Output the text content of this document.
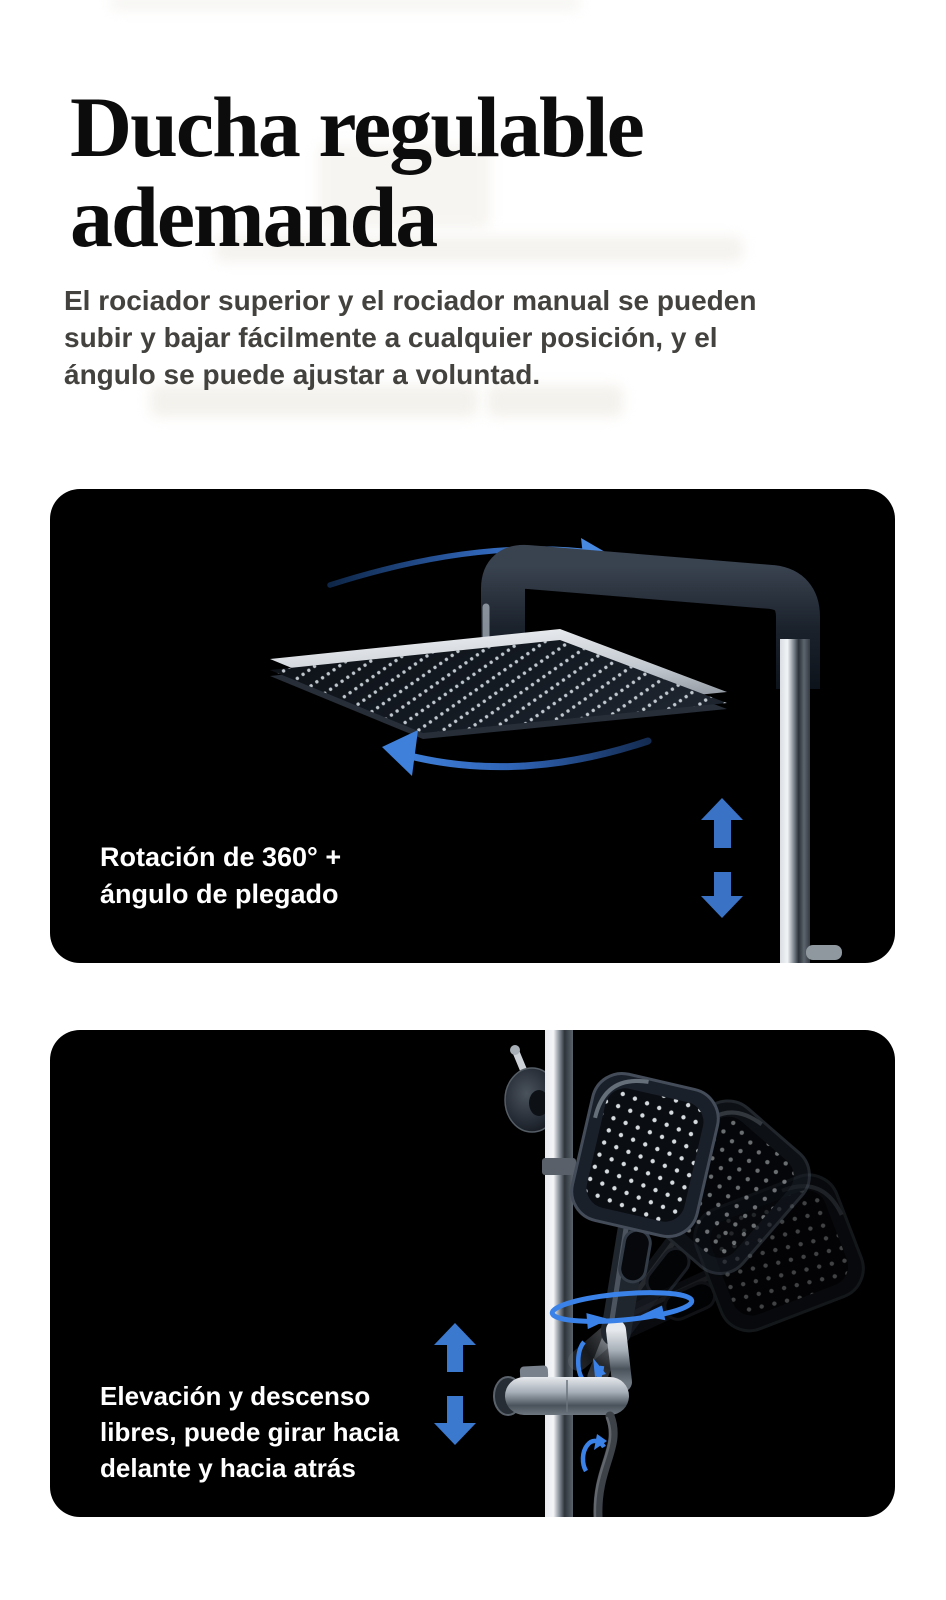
Ducha regulable ademanda

El rociador superior y el rociador manual se pueden
subir y bajar fácilmente a cualquier posición, y el
ángulo se puede ajustar a voluntad.

Rotación de 360° +
ángulo de plegado
Elevación y descenso
libres, puede girar hacia
delante y hacia atrás
